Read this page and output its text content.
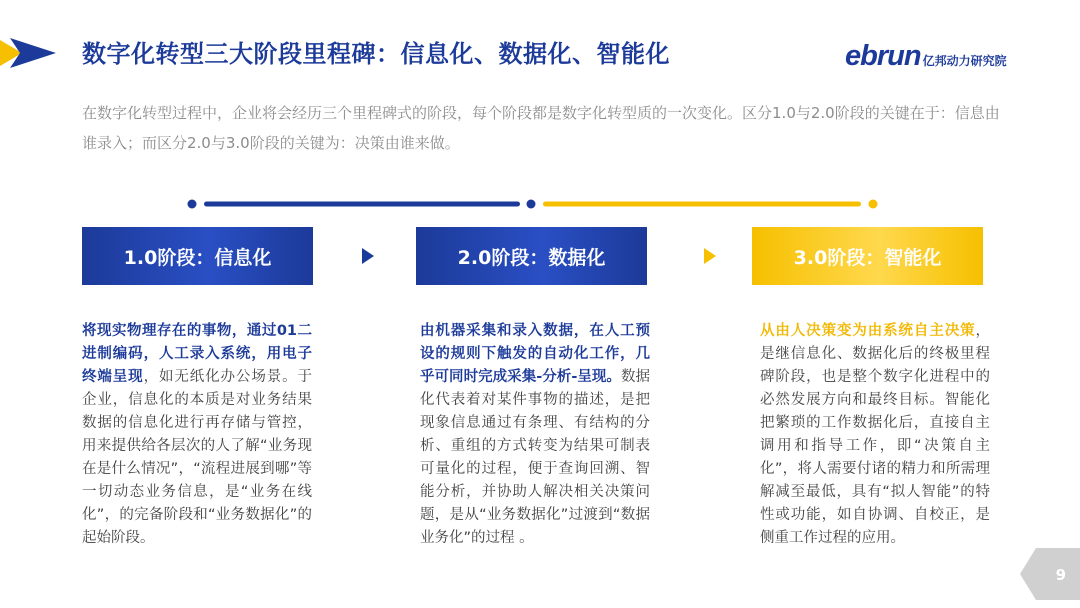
数字化转型三大阶段里程碑：信息化、数据化、智能化	ebrun 亿邦动力研究院
在数字化转型过程中，企业将会经历三个里程碑式的阶段，每个阶段都是数字化转型质的一次变化。区分1.0与2.0阶段的关键在于：信息由谁录入；而区分2.0与3.0阶段的关键为：决策由谁来做。
1.0阶段：信息化	2.0阶段：数据化	3.0阶段：智能化
将现实物理存在的事物，通过01二进制编码，人工录入系统，用电子终端呈现，如无纸化办公场景。于企业，信息化的本质是对业务结果数据的信息化进行再存储与管控，用来提供给各层次的人了解“业务现在是什么情况”，“流程进展到哪”等一切动态业务信息，是“业务在线化”，的完备阶段和“业务数据化”的起始阶段。
由机器采集和录入数据，在人工预设的规则下触发的自动化工作，几乎可同时完成采集-分析-呈现。数据化代表着对某件事物的描述，是把现象信息通过有条理、有结构的分析、重组的方式转变为结果可制表可量化的过程，便于查询回溯、智能分析，并协助人解决相关决策问题，是从“业务数据化”过渡到“数据业务化”的过程 。
从由人决策变为由系统自主决策，是继信息化、数据化后的终极里程碑阶段，也是整个数字化进程中的必然发展方向和最终目标。智能化把繁琐的工作数据化后，直接自主调用和指导工作，即“决策自主化”，将人需要付诸的精力和所需理解减至最低，具有“拟人智能”的特性或功能，如自协调、自校正，是侧重工作过程的应用。
9
